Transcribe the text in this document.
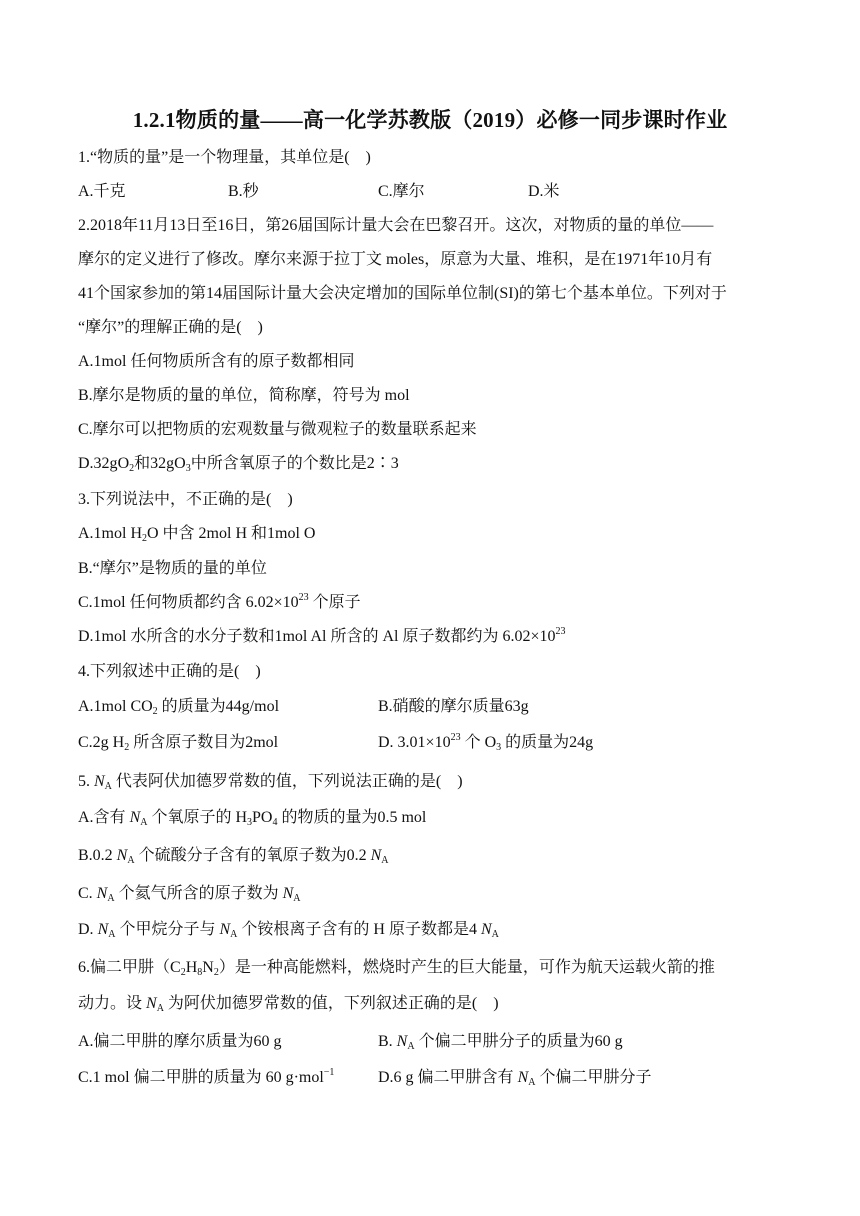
1.2.1物质的量——高一化学苏教版（2019）必修一同步课时作业
1.“物质的量”是一个物理量，其单位是(　)
A.千克	B.秒	C.摩尔	D.米
2.2018年11月13日至16日，第26届国际计量大会在巴黎召开。这次，对物质的量的单位——
摩尔的定义进行了修改。摩尔来源于拉丁文 moles，原意为大量、堆积，是在1971年10月有
41个国家参加的第14届国际计量大会决定增加的国际单位制(SI)的第七个基本单位。下列对于
“摩尔”的理解正确的是(　)
A.1mol 任何物质所含有的原子数都相同
B.摩尔是物质的量的单位，简称摩，符号为 mol
C.摩尔可以把物质的宏观数量与微观粒子的数量联系起来
$D.32gO_2$和$32gO_3$中所含氧原子的个数比是2∶3
3.下列说法中，不正确的是(　)
A.1mol $H_2O$ 中含 2mol H 和1mol O
B.“摩尔”是物质的量的单位
C.1mol 任何物质都约含 $6.02\times 10^{23}$ 个原子
D.1mol 水所含的水分子数和1mol Al 所含的 Al 原子数都约为 $6.02\times 10^{23}$
4.下列叙述中正确的是(　)
A.1mol $CO_2$ 的质量为44g/mol	B.硝酸的摩尔质量63g
C.2g $H_2$ 所含原子数目为2mol	D. $3.01\times 10^{23}$ 个 $O_3$ 的质量为24g
5. $N_A$ 代表阿伏加德罗常数的值，下列说法正确的是(　)
A.含有 $N_A$ 个氧原子的 $H_3PO_4$ 的物质的量为0.5 mol
B.0.2 $N_A$ 个硫酸分子含有的氧原子数为0.2 $N_A$
C. $N_A$ 个氦气所含的原子数为 $N_A$
D. $N_A$ 个甲烷分子与 $N_A$ 个铵根离子含有的 H 原子数都是4 $N_A$
6.偏二甲肼$(C_2H_8N_2)$是一种高能燃料，燃烧时产生的巨大能量，可作为航天运载火箭的推
动力。设 $N_A$ 为阿伏加德罗常数的值，下列叙述正确的是(　)
A.偏二甲肼的摩尔质量为60 g	B. $N_A$ 个偏二甲肼分子的质量为60 g
C.1 mol 偏二甲肼的质量为 60 g·mol$^{-1}$	D.6 g 偏二甲肼含有 $N_A$ 个偏二甲肼分子
